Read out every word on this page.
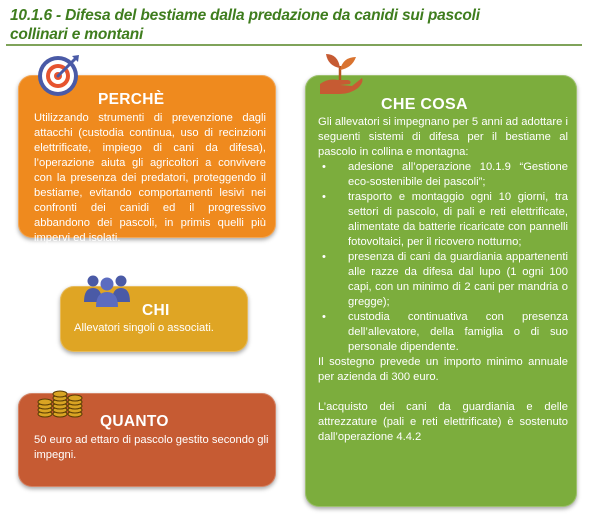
10.1.6 - Difesa del bestiame dalla predazione da canidi sui pascoli
collinari e montani
PERCHÈ
Utilizzando strumenti di prevenzione dagli attacchi (custodia continua, uso di recinzioni elettrificate, impiego di cani da difesa), l’operazione aiuta gli agricoltori a convivere con la presenza dei predatori, proteggendo il bestiame, evitando comportamenti lesivi nei confronti dei canidi ed il progressivo abbandono dei pascoli, in primis quelli più impervi ed isolati.
CHI
Allevatori singoli o associati.
QUANTO
50 euro ad ettaro di pascolo gestito secondo gli impegni.
CHE COSA

Gli allevatori si impegnano per 5 anni ad adottare i seguenti sistemi di difesa per il bestiame al pascolo in collina e montagna:

• adesione all’operazione 10.1.9 “Gestione eco-sostenibile dei pascoli”;
• trasporto e montaggio ogni 10 giorni, tra settori di pascolo, di pali e reti elettrificate, alimentate da batterie ricaricate con pannelli fotovoltaici, per il ricovero notturno;
• presenza di cani da guardiania appartenenti alle razze da difesa dal lupo (1 ogni 100 capi, con un minimo di 2 cani per mandria o gregge);
• custodia continuativa con presenza dell’allevatore, della famiglia o di suo personale dipendente.

Il sostegno prevede un importo minimo annuale per azienda di 300 euro.

L’acquisto dei cani da guardiania e delle attrezzature (pali e reti elettrificate) è sostenuto dall’operazione 4.4.2
